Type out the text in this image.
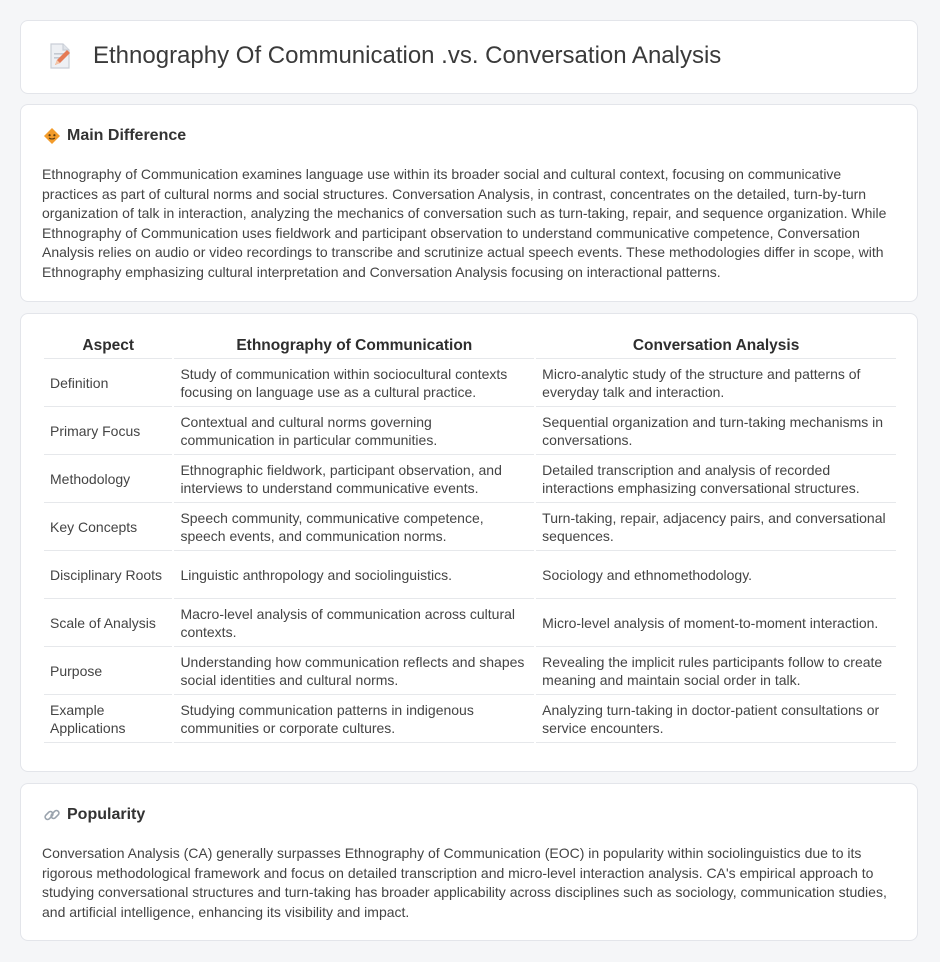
Ethnography Of Communication .vs. Conversation Analysis
Main Difference

Ethnography of Communication examines language use within its broader social and cultural context, focusing on communicative practices as part of cultural norms and social structures. Conversation Analysis, in contrast, concentrates on the detailed, turn-by-turn organization of talk in interaction, analyzing the mechanics of conversation such as turn-taking, repair, and sequence organization. While Ethnography of Communication uses fieldwork and participant observation to understand communicative competence, Conversation Analysis relies on audio or video recordings to transcribe and scrutinize actual speech events. These methodologies differ in scope, with Ethnography emphasizing cultural interpretation and Conversation Analysis focusing on interactional patterns.

Aspect	Ethnography of Communication	Conversation Analysis
Definition	Study of communication within sociocultural contexts focusing on language use as a cultural practice.	Micro-analytic study of the structure and patterns of everyday talk and interaction.
Primary Focus	Contextual and cultural norms governing communication in particular communities.	Sequential organization and turn-taking mechanisms in conversations.
Methodology	Ethnographic fieldwork, participant observation, and interviews to understand communicative events.	Detailed transcription and analysis of recorded interactions emphasizing conversational structures.
Key Concepts	Speech community, communicative competence, speech events, and communication norms.	Turn-taking, repair, adjacency pairs, and conversational sequences.
Disciplinary Roots	Linguistic anthropology and sociolinguistics.	Sociology and ethnomethodology.
Scale of Analysis	Macro-level analysis of communication across cultural contexts.	Micro-level analysis of moment-to-moment interaction.
Purpose	Understanding how communication reflects and shapes social identities and cultural norms.	Revealing the implicit rules participants follow to create meaning and maintain social order in talk.
Example Applications	Studying communication patterns in indigenous communities or corporate cultures.	Analyzing turn-taking in doctor-patient consultations or service encounters.
Popularity

Conversation Analysis (CA) generally surpasses Ethnography of Communication (EOC) in popularity within sociolinguistics due to its rigorous methodological framework and focus on detailed transcription and micro-level interaction analysis. CA's empirical approach to studying conversational structures and turn-taking has broader applicability across disciplines such as sociology, communication studies, and artificial intelligence, enhancing its visibility and impact.
